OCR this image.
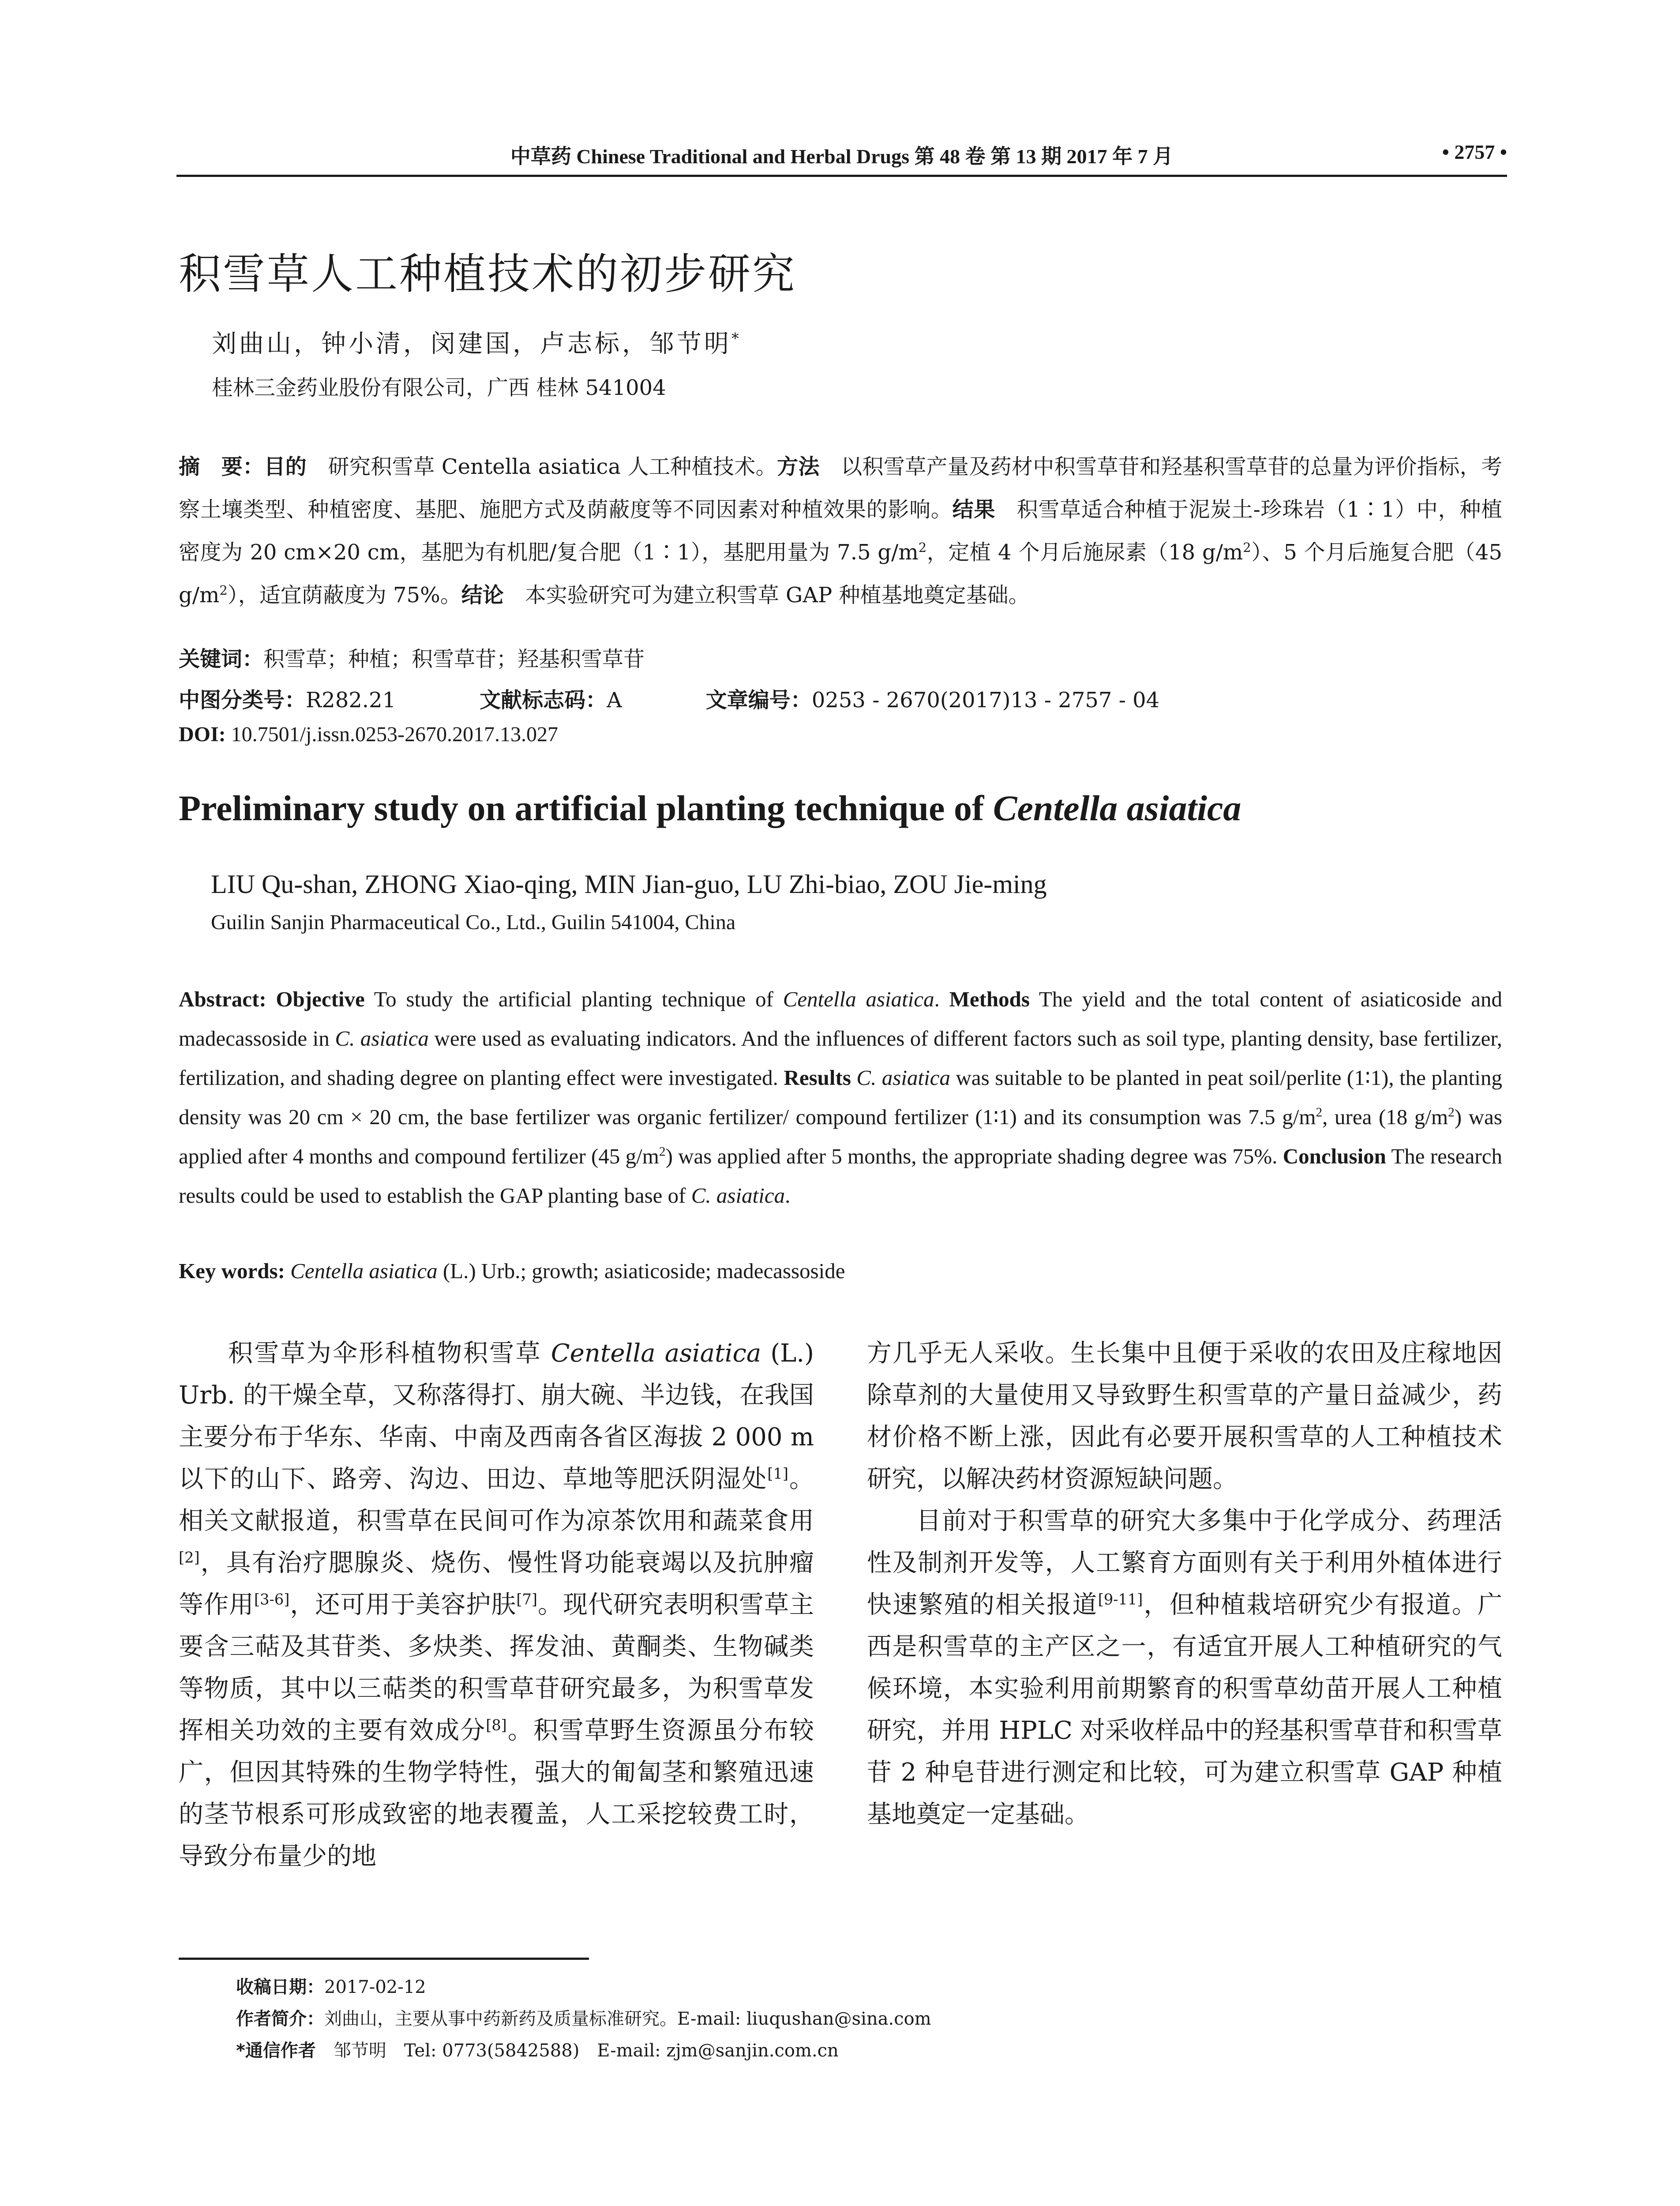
中草药 Chinese Traditional and Herbal Drugs 第 48 卷 第 13 期 2017 年 7 月	• 2757 •
积雪草人工种植技术的初步研究
刘曲山，钟小清，闵建国，卢志标，邹节明*
桂林三金药业股份有限公司，广西 桂林 541004
摘　要：目的　研究积雪草 Centella asiatica 人工种植技术。方法　以积雪草产量及药材中积雪草苷和羟基积雪草苷的总量为评价指标，考察土壤类型、种植密度、基肥、施肥方式及荫蔽度等不同因素对种植效果的影响。结果　积雪草适合种植于泥炭土-珍珠岩（1∶1）中，种植密度为 20 cm×20 cm，基肥为有机肥/复合肥（1∶1），基肥用量为 7.5 $g/m^2$，定植 4 个月后施尿素（18 $g/m^2$）、5 个月后施复合肥（45 $g/m^2$），适宜荫蔽度为 75%。结论　本实验研究可为建立积雪草 GAP 种植基地奠定基础。
关键词：积雪草；种植；积雪草苷；羟基积雪草苷
中图分类号：R282.21	文献标志码：A	文章编号：0253 - 2670(2017)13 - 2757 - 04
DOI: 10.7501/j.issn.0253-2670.2017.13.027
Preliminary study on artificial planting technique of Centella asiatica
LIU Qu-shan, ZHONG Xiao-qing, MIN Jian-guo, LU Zhi-biao, ZOU Jie-ming
Guilin Sanjin Pharmaceutical Co., Ltd., Guilin 541004, China
Abstract: Objective To study the artificial planting technique of Centella asiatica. Methods The yield and the total content of asiaticoside and madecassoside in C. asiatica were used as evaluating indicators. And the influences of different factors such as soil type, planting density, base fertilizer, fertilization, and shading degree on planting effect were investigated. Results C. asiatica was suitable to be planted in peat soil/perlite (1∶1), the planting density was 20 cm × 20 cm, the base fertilizer was organic fertilizer/ compound fertilizer (1∶1) and its consumption was 7.5 $g/m^2$, urea (18 $g/m^2$) was applied after 4 months and compound fertilizer (45 $g/m^2$) was applied after 5 months, the appropriate shading degree was 75%. Conclusion The research results could be used to establish the GAP planting base of C. asiatica.
Key words: Centella asiatica (L.) Urb.; growth; asiaticoside; madecassoside

积雪草为伞形科植物积雪草 Centella asiatica (L.) Urb. 的干燥全草，又称落得打、崩大碗、半边钱，在我国主要分布于华东、华南、中南及西南各省区海拔 2 000 m 以下的山下、路旁、沟边、田边、草地等肥沃阴湿处[1]。相关文献报道，积雪草在民间可作为凉茶饮用和蔬菜食用[2]，具有治疗腮腺炎、烧伤、慢性肾功能衰竭以及抗肿瘤等作用[3-6]，还可用于美容护肤[7]。现代研究表明积雪草主要含三萜及其苷类、多炔类、挥发油、黄酮类、生物碱类等物质，其中以三萜类的积雪草苷研究最多，为积雪草发挥相关功效的主要有效成分[8]。积雪草野生资源虽分布较广，但因其特殊的生物学特性，强大的匍匐茎和繁殖迅速的茎节根系可形成致密的地表覆盖，人工采挖较费工时，导致分布量少的地

方几乎无人采收。生长集中且便于采收的农田及庄稼地因除草剂的大量使用又导致野生积雪草的产量日益减少，药材价格不断上涨，因此有必要开展积雪草的人工种植技术研究，以解决药材资源短缺问题。

目前对于积雪草的研究大多集中于化学成分、药理活性及制剂开发等，人工繁育方面则有关于利用外植体进行快速繁殖的相关报道[9-11]，但种植栽培研究少有报道。广西是积雪草的主产区之一，有适宜开展人工种植研究的气候环境，本实验利用前期繁育的积雪草幼苗开展人工种植研究，并用 HPLC 对采收样品中的羟基积雪草苷和积雪草苷 2 种皂苷进行测定和比较，可为建立积雪草 GAP 种植基地奠定一定基础。

收稿日期：2017-02-12
作者简介：刘曲山，主要从事中药新药及质量标准研究。E-mail: liuqushan@sina.com
*通信作者　邹节明　Tel: 0773(5842588)　E-mail: zjm@sanjin.com.cn
